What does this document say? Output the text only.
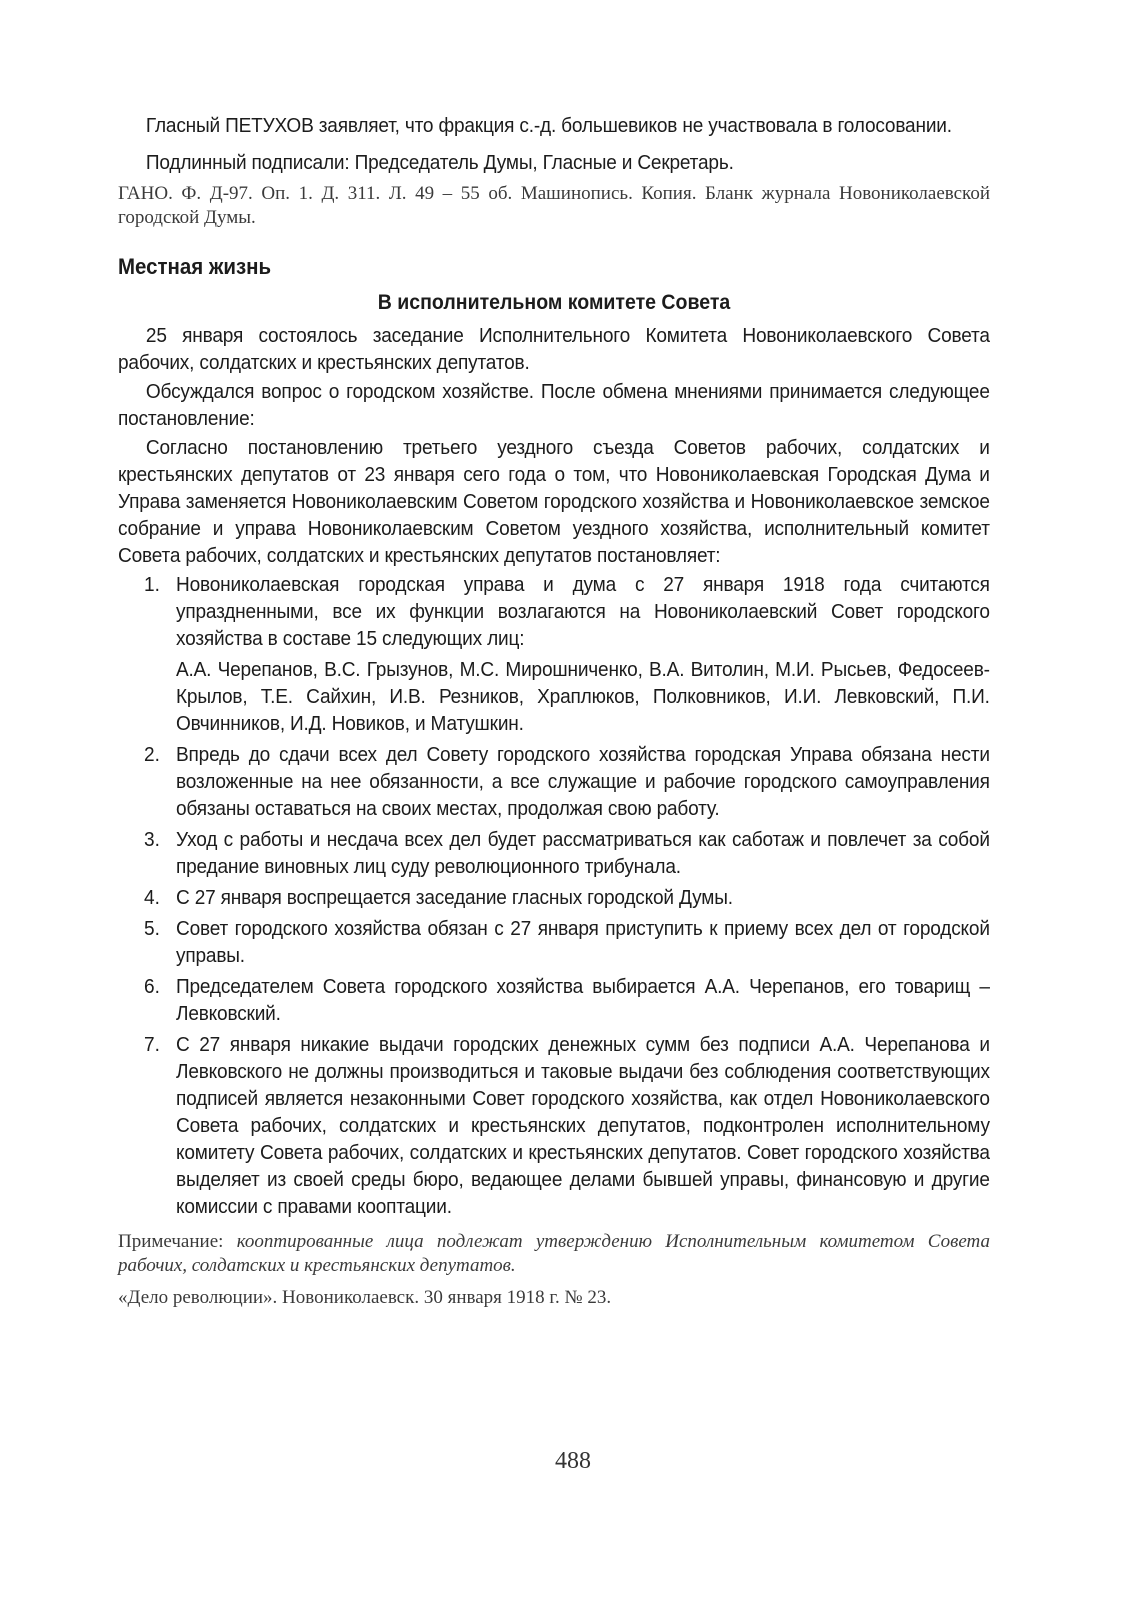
Гласный ПЕТУХОВ заявляет, что фракция с.-д. большевиков не участвовала в голосовании.

Подлинный подписали: Председатель Думы, Гласные и Секретарь.

ГАНО. Ф. Д-97. Оп. 1. Д. 311. Л. 49 – 55 об. Машинопись. Копия. Бланк журнала Новониколаевской городской Думы.

Местная жизнь
В исполнительном комитете Совета

25 января состоялось заседание Исполнительного Комитета Новониколаевского Совета рабочих, солдатских и крестьянских депутатов.

Обсуждался вопрос о городском хозяйстве. После обмена мнениями принимается следующее постановление:

Согласно постановлению третьего уездного съезда Советов рабочих, солдатских и крестьянских депутатов от 23 января сего года о том, что Новониколаевская Городская Дума и Управа заменяется Новониколаевским Советом городского хозяйства и Новониколаевское земское собрание и управа Новониколаевским Советом уездного хозяйства, исполнительный комитет Совета рабочих, солдатских и крестьянских депутатов постановляет:

1. Новониколаевская городская управа и дума с 27 января 1918 года считаются упраздненными, все их функции возлагаются на Новониколаевский Совет городского хозяйства в составе 15 следующих лиц:

А.А. Черепанов, В.С. Грызунов, М.С. Мирошниченко, В.А. Витолин, М.И. Рысьев, Федосеев-Крылов, Т.Е. Сайхин, И.В. Резников, Храплюков, Полковников, И.И. Левковский, П.И. Овчинников, И.Д. Новиков, и Матушкин.

2. Впредь до сдачи всех дел Совету городского хозяйства городская Управа обязана нести возложенные на нее обязанности, а все служащие и рабочие городского самоуправления обязаны оставаться на своих местах, продолжая свою работу.

3. Уход с работы и несдача всех дел будет рассматриваться как саботаж и повлечет за собой предание виновных лиц суду революционного трибунала.

4. С 27 января воспрещается заседание гласных городской Думы.

5. Совет городского хозяйства обязан с 27 января приступить к приему всех дел от городской управы.

6. Председателем Совета городского хозяйства выбирается А.А. Черепанов, его товарищ – Левковский.

7. С 27 января никакие выдачи городских денежных сумм без подписи А.А. Черепанова и Левковского не должны производиться и таковые выдачи без соблюдения соответствующих подписей является незаконными Совет городского хозяйства, как отдел Новониколаевского Совета рабочих, солдатских и крестьянских депутатов, подконтролен исполнительному комитету Совета рабочих, солдатских и крестьянских депутатов. Совет городского хозяйства выделяет из своей среды бюро, ведающее делами бывшей управы, финансовую и другие комиссии с правами кооптации.

Примечание: кооптированные лица подлежат утверждению Исполнительным комитетом Совета рабочих, солдатских и крестьянских депутатов.

«Дело революции». Новониколаевск. 30 января 1918 г. № 23.

488
